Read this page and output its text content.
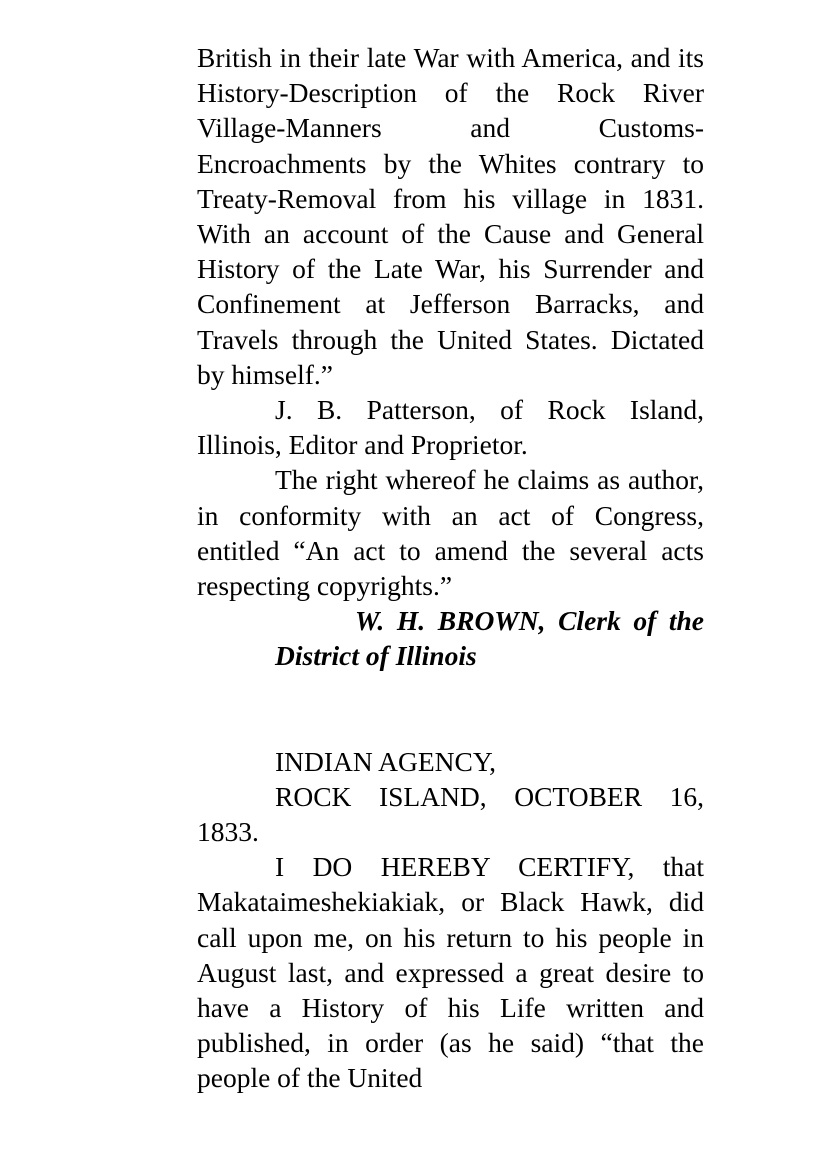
British in their late War with America, and its History-Description of the Rock River Village-Manners and Customs-Encroachments by the Whites contrary to Treaty-Removal from his village in 1831. With an account of the Cause and General History of the Late War, his Surrender and Confinement at Jefferson Barracks, and Travels through the United States. Dictated by himself.”

J. B. Patterson, of Rock Island, Illinois, Editor and Proprietor.

The right whereof he claims as author, in conformity with an act of Congress, entitled “An act to amend the several acts respecting copyrights.”

W. H. BROWN, Clerk of the District of Illinois

INDIAN AGENCY,

ROCK ISLAND, OCTOBER 16, 1833.

I DO HEREBY CERTIFY, that Makataimeshekiakiak, or Black Hawk, did call upon me, on his return to his people in August last, and expressed a great desire to have a History of his Life written and published, in order (as he said) “that the people of the United
